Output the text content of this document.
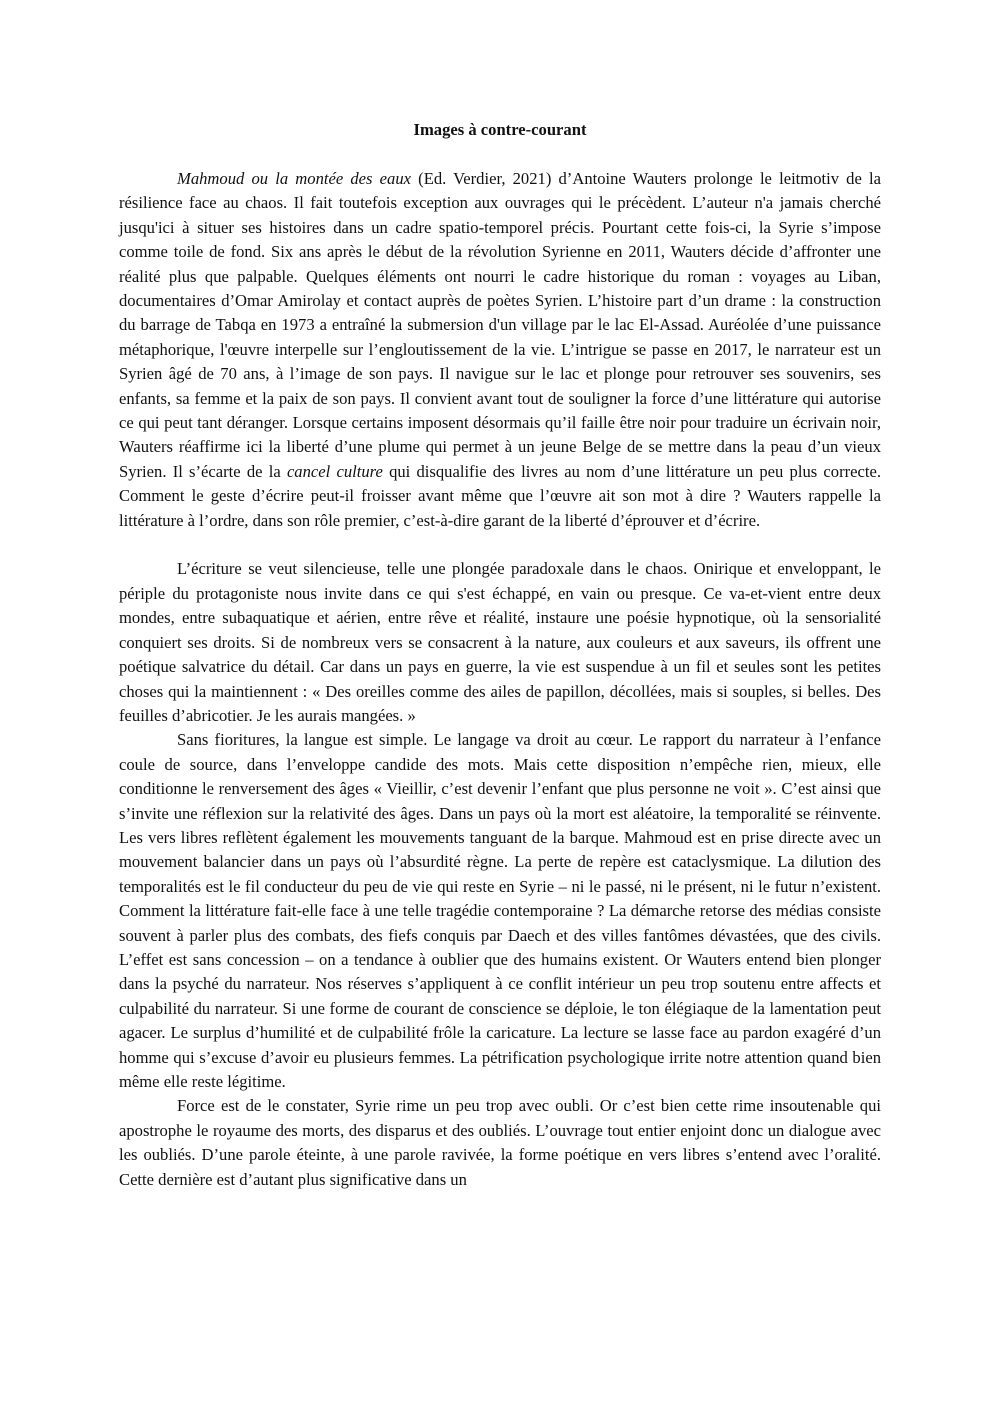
Images à contre-courant

Mahmoud ou la montée des eaux (Ed. Verdier, 2021) d’Antoine Wauters prolonge le leitmotiv de la résilience face au chaos. Il fait toutefois exception aux ouvrages qui le précèdent. L’auteur n'a jamais cherché jusqu'ici à situer ses histoires dans un cadre spatio-temporel précis. Pourtant cette fois-ci, la Syrie s’impose comme toile de fond. Six ans après le début de la révolution Syrienne en 2011, Wauters décide d’affronter une réalité plus que palpable. Quelques éléments ont nourri le cadre historique du roman : voyages au Liban, documentaires d’Omar Amirolay et contact auprès de poètes Syrien. L’histoire part d’un drame : la construction du barrage de Tabqa en 1973 a entraîné la submersion d'un village par le lac El-Assad. Auréolée d’une puissance métaphorique, l'œuvre interpelle sur l’engloutissement de la vie. L’intrigue se passe en 2017, le narrateur est un Syrien âgé de 70 ans, à l’image de son pays. Il navigue sur le lac et plonge pour retrouver ses souvenirs, ses enfants, sa femme et la paix de son pays. Il convient avant tout de souligner la force d’une littérature qui autorise ce qui peut tant déranger. Lorsque certains imposent désormais qu’il faille être noir pour traduire un écrivain noir, Wauters réaffirme ici la liberté d’une plume qui permet à un jeune Belge de se mettre dans la peau d’un vieux Syrien. Il s’écarte de la cancel culture qui disqualifie des livres au nom d’une littérature un peu plus correcte. Comment le geste d’écrire peut-il froisser avant même que l’œuvre ait son mot à dire ? Wauters rappelle la littérature à l’ordre, dans son rôle premier, c’est-à-dire garant de la liberté d’éprouver et d’écrire.

L’écriture se veut silencieuse, telle une plongée paradoxale dans le chaos. Onirique et enveloppant, le périple du protagoniste nous invite dans ce qui s'est échappé, en vain ou presque. Ce va-et-vient entre deux mondes, entre subaquatique et aérien, entre rêve et réalité, instaure une poésie hypnotique, où la sensorialité conquiert ses droits. Si de nombreux vers se consacrent à la nature, aux couleurs et aux saveurs, ils offrent une poétique salvatrice du détail. Car dans un pays en guerre, la vie est suspendue à un fil et seules sont les petites choses qui la maintiennent : « Des oreilles comme des ailes de papillon, décollées, mais si souples, si belles. Des feuilles d’abricotier. Je les aurais mangées. »

Sans fioritures, la langue est simple. Le langage va droit au cœur. Le rapport du narrateur à l’enfance coule de source, dans l’enveloppe candide des mots. Mais cette disposition n’empêche rien, mieux, elle conditionne le renversement des âges « Vieillir, c’est devenir l’enfant que plus personne ne voit ». C’est ainsi que s’invite une réflexion sur la relativité des âges. Dans un pays où la mort est aléatoire, la temporalité se réinvente. Les vers libres reflètent également les mouvements tanguant de la barque. Mahmoud est en prise directe avec un mouvement balancier dans un pays où l’absurdité règne. La perte de repère est cataclysmique. La dilution des temporalités est le fil conducteur du peu de vie qui reste en Syrie – ni le passé, ni le présent, ni le futur n’existent. Comment la littérature fait-elle face à une telle tragédie contemporaine ? La démarche retorse des médias consiste souvent à parler plus des combats, des fiefs conquis par Daech et des villes fantômes dévastées, que des civils. L’effet est sans concession – on a tendance à oublier que des humains existent. Or Wauters entend bien plonger dans la psyché du narrateur. Nos réserves s’appliquent à ce conflit intérieur un peu trop soutenu entre affects et culpabilité du narrateur. Si une forme de courant de conscience se déploie, le ton élégiaque de la lamentation peut agacer. Le surplus d’humilité et de culpabilité frôle la caricature. La lecture se lasse face au pardon exagéré d’un homme qui s’excuse d’avoir eu plusieurs femmes. La pétrification psychologique irrite notre attention quand bien même elle reste légitime.

Force est de le constater, Syrie rime un peu trop avec oubli. Or c’est bien cette rime insoutenable qui apostrophe le royaume des morts, des disparus et des oubliés. L’ouvrage tout entier enjoint donc un dialogue avec les oubliés. D’une parole éteinte, à une parole ravivée, la forme poétique en vers libres s’entend avec l’oralité. Cette dernière est d’autant plus significative dans un
